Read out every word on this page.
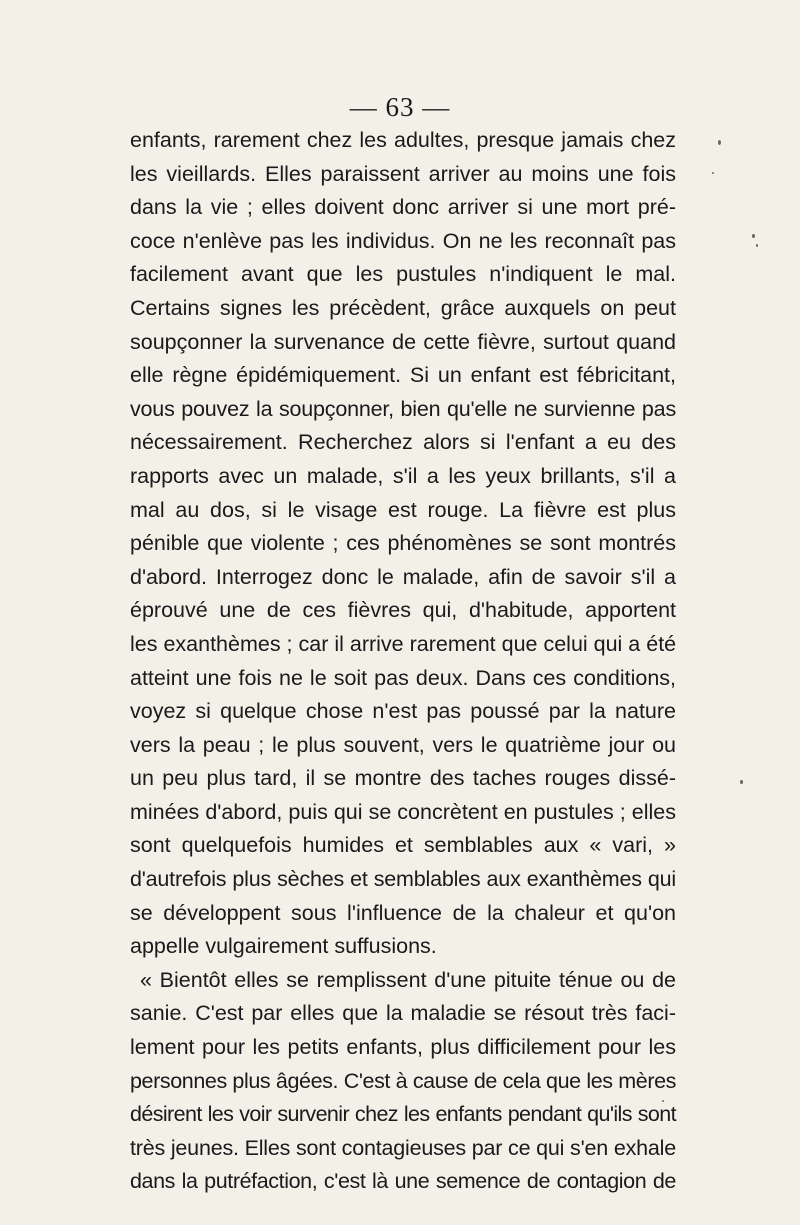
— 63 —
enfants, rarement chez les adultes, presque jamais chez
les vieillards. Elles paraissent arriver au moins une fois
dans la vie ; elles doivent donc arriver si une mort pré-
coce n'enlève pas les individus. On ne les reconnaît pas
facilement avant que les pustules n'indiquent le mal.
Certains signes les précèdent, grâce auxquels on peut
soupçonner la survenance de cette fièvre, surtout quand
elle règne épidémiquement. Si un enfant est fébricitant,
vous pouvez la soupçonner, bien qu'elle ne survienne pas
nécessairement. Recherchez alors si l'enfant a eu des
rapports avec un malade, s'il a les yeux brillants, s'il a
mal au dos, si le visage est rouge. La fièvre est plus
pénible que violente ; ces phénomènes se sont montrés
d'abord. Interrogez donc le malade, afin de savoir s'il a
éprouvé une de ces fièvres qui, d'habitude, apportent
les exanthèmes ; car il arrive rarement que celui qui a été
atteint une fois ne le soit pas deux. Dans ces conditions,
voyez si quelque chose n'est pas poussé par la nature
vers la peau ; le plus souvent, vers le quatrième jour ou
un peu plus tard, il se montre des taches rouges dissé-
minées d'abord, puis qui se concrètent en pustules ; elles
sont quelquefois humides et semblables aux « vari, »
d'autrefois plus sèches et semblables aux exanthèmes qui
se développent sous l'influence de la chaleur et qu'on
appelle vulgairement suffusions.
« Bientôt elles se remplissent d'une pituite ténue ou de
sanie. C'est par elles que la maladie se résout très faci-
lement pour les petits enfants, plus difficilement pour les
personnes plus âgées. C'est à cause de cela que les mères
désirent les voir survenir chez les enfants pendant qu'ils sont
très jeunes. Elles sont contagieuses par ce qui s'en exhale
dans la putréfaction, c'est là une semence de contagion de
